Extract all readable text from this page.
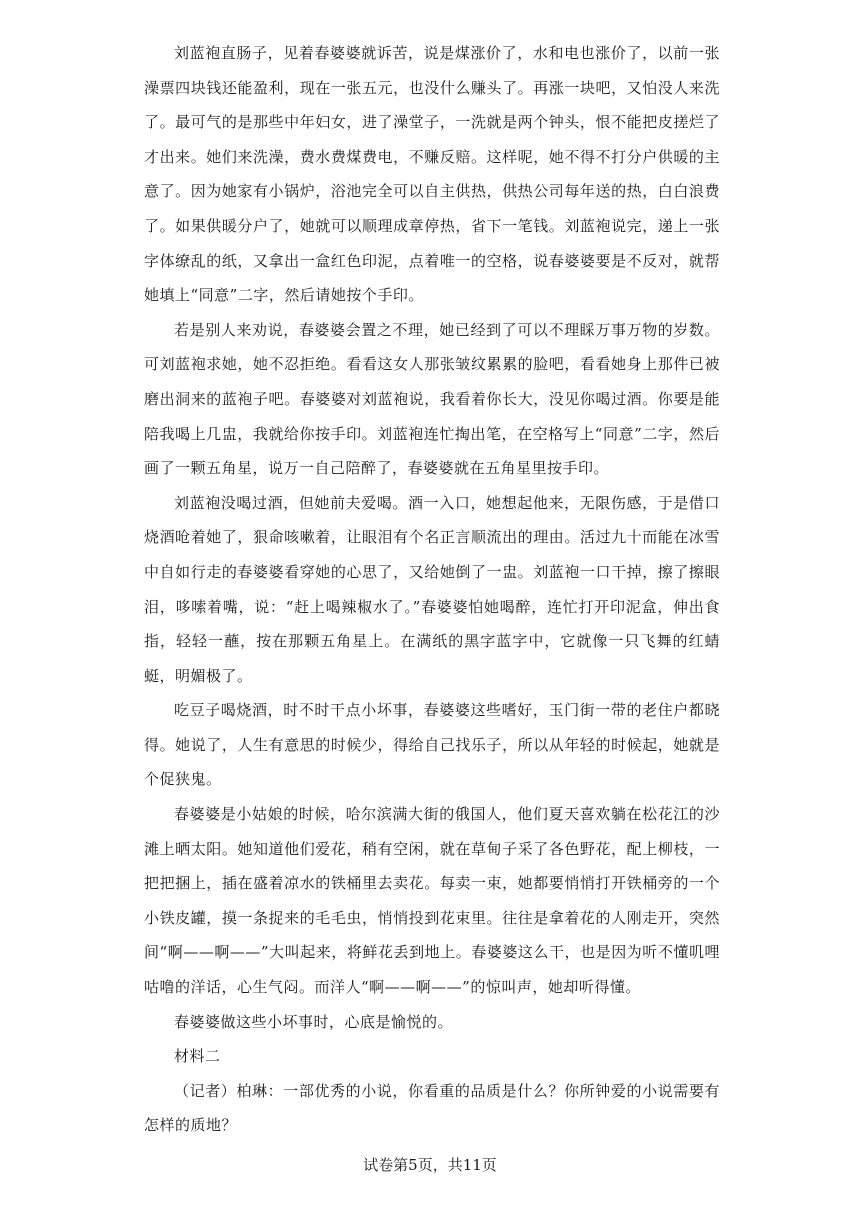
刘蓝袍直肠子，见着春婆婆就诉苦，说是煤涨价了，水和电也涨价了，以前一张澡票四块钱还能盈利，现在一张五元，也没什么赚头了。再涨一块吧，又怕没人来洗了。最可气的是那些中年妇女，进了澡堂子，一洗就是两个钟头，恨不能把皮搓烂了才出来。她们来洗澡，费水费煤费电，不赚反赔。这样呢，她不得不打分户供暖的主意了。因为她家有小锅炉，浴池完全可以自主供热，供热公司每年送的热，白白浪费了。如果供暖分户了，她就可以顺理成章停热，省下一笔钱。刘蓝袍说完，递上一张字体缭乱的纸，又拿出一盒红色印泥，点着唯一的空格，说春婆婆要是不反对，就帮她填上“同意”二字，然后请她按个手印。

若是别人来劝说，春婆婆会置之不理，她已经到了可以不理睬万事万物的岁数。可刘蓝袍求她，她不忍拒绝。看看这女人那张皱纹累累的脸吧，看看她身上那件已被磨出洞来的蓝袍子吧。春婆婆对刘蓝袍说，我看着你长大，没见你喝过酒。你要是能陪我喝上几盅，我就给你按手印。刘蓝袍连忙掏出笔，在空格写上“同意”二字，然后画了一颗五角星，说万一自己陪醉了，春婆婆就在五角星里按手印。

刘蓝袍没喝过酒，但她前夫爱喝。酒一入口，她想起他来，无限伤感，于是借口烧酒呛着她了，狠命咳嗽着，让眼泪有个名正言顺流出的理由。活过九十而能在冰雪中自如行走的春婆婆看穿她的心思了，又给她倒了一盅。刘蓝袍一口干掉，擦了擦眼泪，哆嗦着嘴，说：“赶上喝辣椒水了。”春婆婆怕她喝醉，连忙打开印泥盒，伸出食指，轻轻一蘸，按在那颗五角星上。在满纸的黑字蓝字中，它就像一只飞舞的红蜻蜓，明媚极了。

吃豆子喝烧酒，时不时干点小坏事，春婆婆这些嗜好，玉门街一带的老住户都晓得。她说了，人生有意思的时候少，得给自己找乐子，所以从年轻的时候起，她就是个促狭鬼。

春婆婆是小姑娘的时候，哈尔滨满大街的俄国人，他们夏天喜欢躺在松花江的沙滩上晒太阳。她知道他们爱花，稍有空闲，就在草甸子采了各色野花，配上柳枝，一把把捆上，插在盛着凉水的铁桶里去卖花。每卖一束，她都要悄悄打开铁桶旁的一个小铁皮罐，摸一条捉来的毛毛虫，悄悄投到花束里。往往是拿着花的人刚走开，突然间“啊——啊——”大叫起来，将鲜花丢到地上。春婆婆这么干，也是因为听不懂叽哩咕噜的洋话，心生气闷。而洋人“啊——啊——”的惊叫声，她却听得懂。

春婆婆做这些小坏事时，心底是愉悦的。

材料二

（记者）柏琳：一部优秀的小说，你看重的品质是什么？你所钟爱的小说需要有怎样的质地？

试卷第5页，共11页
